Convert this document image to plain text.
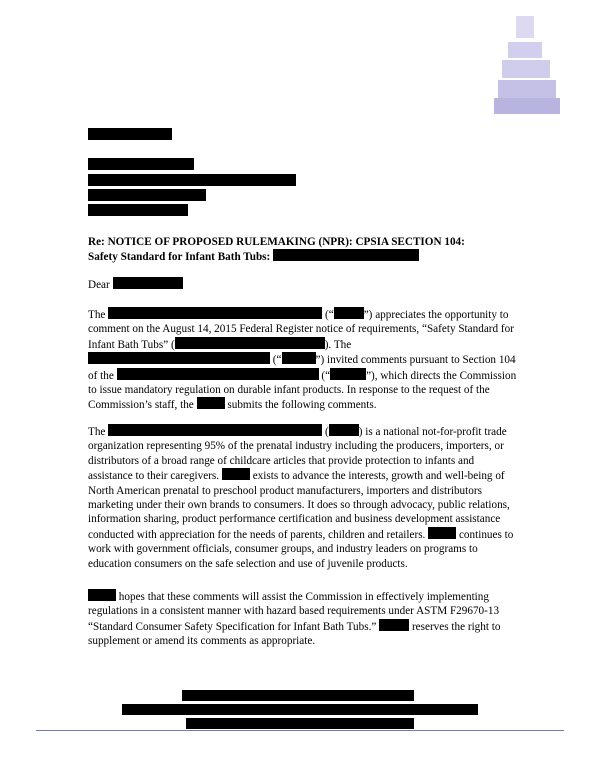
Re: NOTICE OF PROPOSED RULEMAKING (NPR): CPSIA SECTION 104:
Safety Standard for Infant Bath Tubs:
Dear
The	(“	”) appreciates the opportunity to comment on the August 14, 2015 Federal Register notice of requirements, “Safety Standard for Infant Bath Tubs” (	). The  (“	”) invited comments pursuant to Section 104 of the	(“	”), which directs the Commission to issue mandatory regulation on durable infant products. In response to the request of the Commission’s staff, the	submits the following comments.
The	(	) is a national not-for-profit trade organization representing 95% of the prenatal industry including the producers, importers, or distributors of a broad range of childcare articles that provide protection to infants and assistance to their caregivers.	exists to advance the interests, growth and well-being of North American prenatal to preschool product manufacturers, importers and distributors marketing under their own brands to consumers. It does so through advocacy, public relations, information sharing, product performance certification and business development assistance conducted with appreciation for the needs of parents, children and retailers.	continues to work with government officials, consumer groups, and industry leaders on programs to education consumers on the safe selection and use of juvenile products.
hopes that these comments will assist the Commission in effectively implementing regulations in a consistent manner with hazard based requirements under ASTM F29670-13 “Standard Consumer Safety Specification for Infant Bath Tubs.”	reserves the right to supplement or amend its comments as appropriate.
